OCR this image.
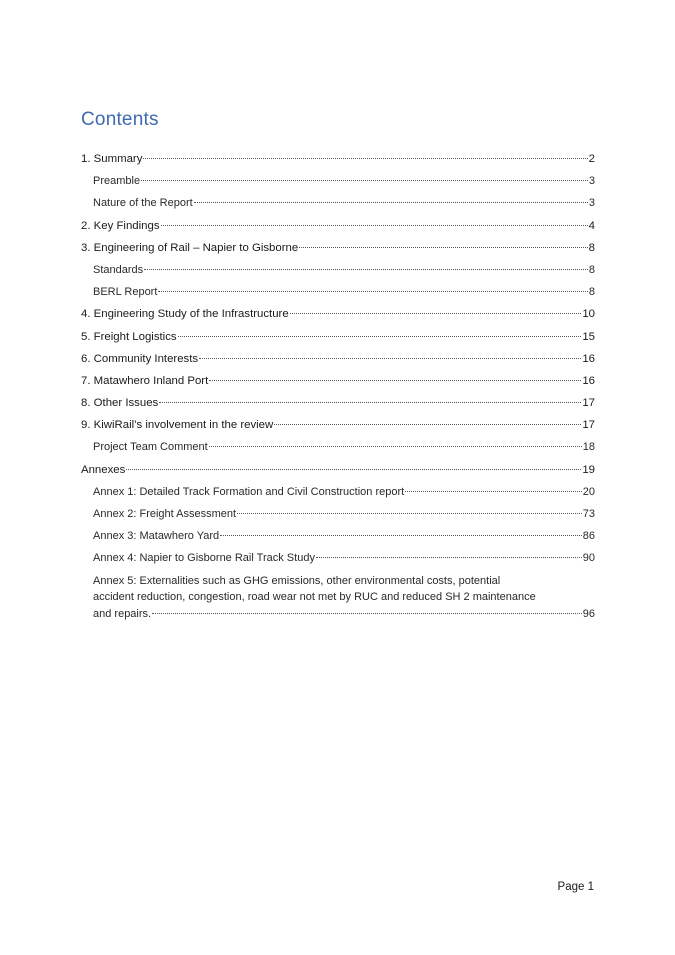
Contents
1. Summary	2
Preamble	3
Nature of the Report	3
2. Key Findings	4
3. Engineering of Rail – Napier to Gisborne	8
Standards	8
BERL Report	8
4. Engineering Study of the Infrastructure	10
5. Freight Logistics	15
6. Community Interests	16
7. Matawhero Inland Port	16
8. Other Issues	17
9. KiwiRail’s involvement in the review	17
Project Team Comment	18
Annexes	19
Annex 1: Detailed Track Formation and Civil Construction report	20
Annex 2: Freight Assessment	73
Annex 3: Matawhero Yard	86
Annex 4: Napier to Gisborne Rail Track Study	90
Annex 5: Externalities such as GHG emissions, other environmental costs, potential
accident reduction, congestion, road wear not met by RUC and reduced SH 2 maintenance
and repairs.	96
Page 1
